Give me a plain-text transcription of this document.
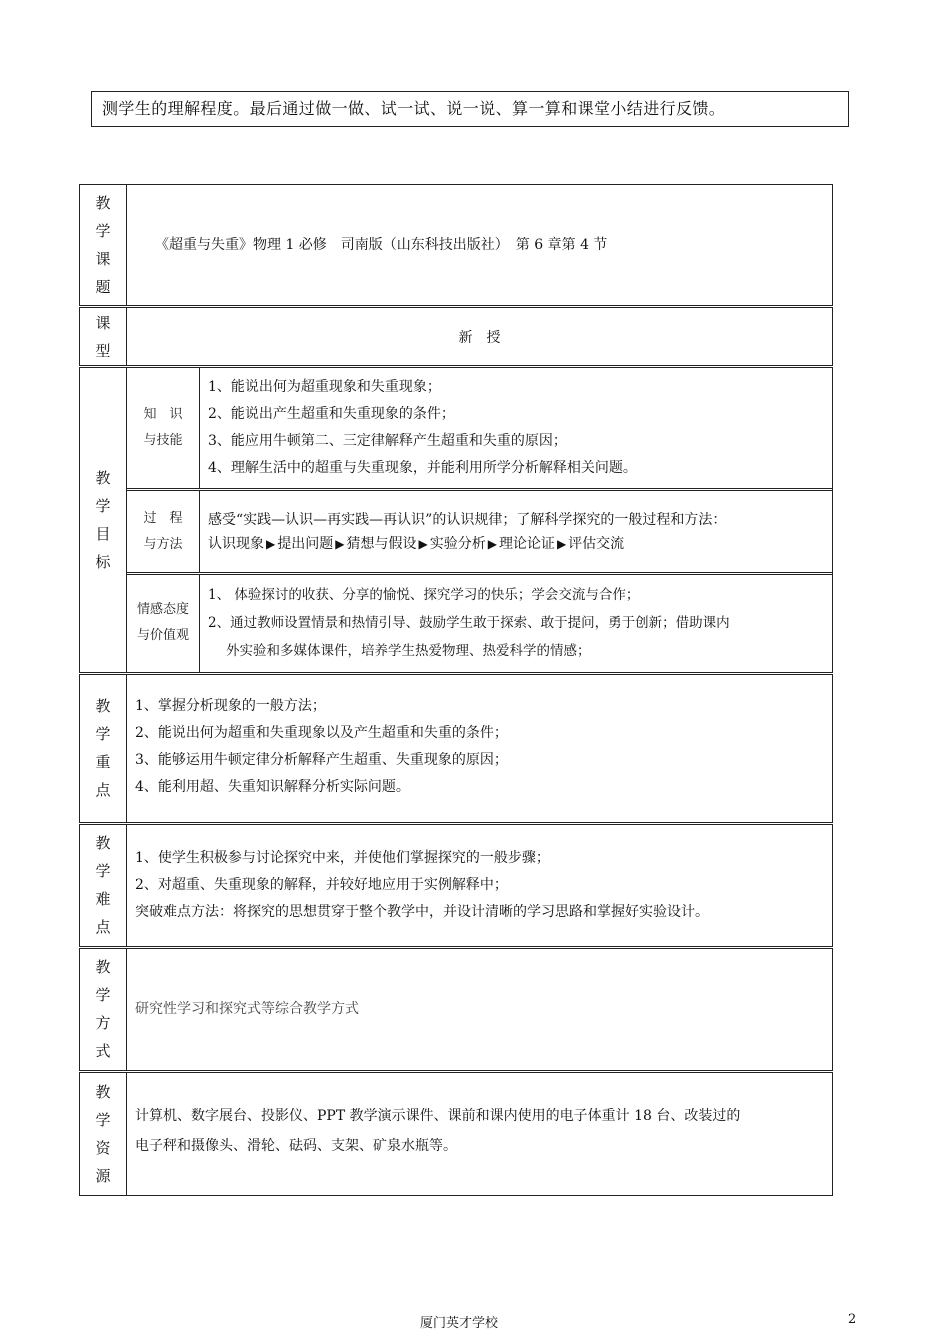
测学生的理解程度。最后通过做一做、试一试、说一说、算一算和课堂小结进行反馈。
教
学
课
题
	《超重与失重》物理 1 必修　司南版（山东科技出版社）　第 6 章第 4 节

课
型
	新　授

教
学
目
标

知　识
与技能

1、能说出何为超重现象和失重现象；
2、能说出产生超重和失重现象的条件；
3、能应用牛顿第二、三定律解释产生超重和失重的原因；
4、理解生活中的超重与失重现象，并能利用所学分析解释相关问题。

过　程
与方法

感受“实践—认识—再实践—再认识”的认识规律；了解科学探究的一般过程和方法：
认识现象 ▶ 提出问题 ▶ 猜想与假设 ▶ 实验分析 ▶ 理论论证 ▶ 评估交流

情感态度
与价值观

1、 体验探讨的收获、分享的愉悦、探究学习的快乐；学会交流与合作；
2、通过教师设置情景和热情引导、鼓励学生敢于探索、敢于提问，勇于创新；借助课内
外实验和多媒体课件，培养学生热爱物理、热爱科学的情感；

教
学
重
点

1、掌握分析现象的一般方法；
2、能说出何为超重和失重现象以及产生超重和失重的条件；
3、能够运用牛顿定律分析解释产生超重、失重现象的原因；
4、能利用超、失重知识解释分析实际问题。

教
学
难
点

1、使学生积极参与讨论探究中来，并使他们掌握探究的一般步骤；
2、对超重、失重现象的解释，并较好地应用于实例解释中；
突破难点方法：将探究的思想贯穿于整个教学中，并设计清晰的学习思路和掌握好实验设计。

教
学
方
式
	研究性学习和探究式等综合教学方式

教
学
资
源

计算机、数字展台、投影仪、PPT 教学演示课件、课前和课内使用的电子体重计 18 台、改装过的
电子秤和摄像头、滑轮、砝码、支架、矿泉水瓶等。
厦门英才学校	2
